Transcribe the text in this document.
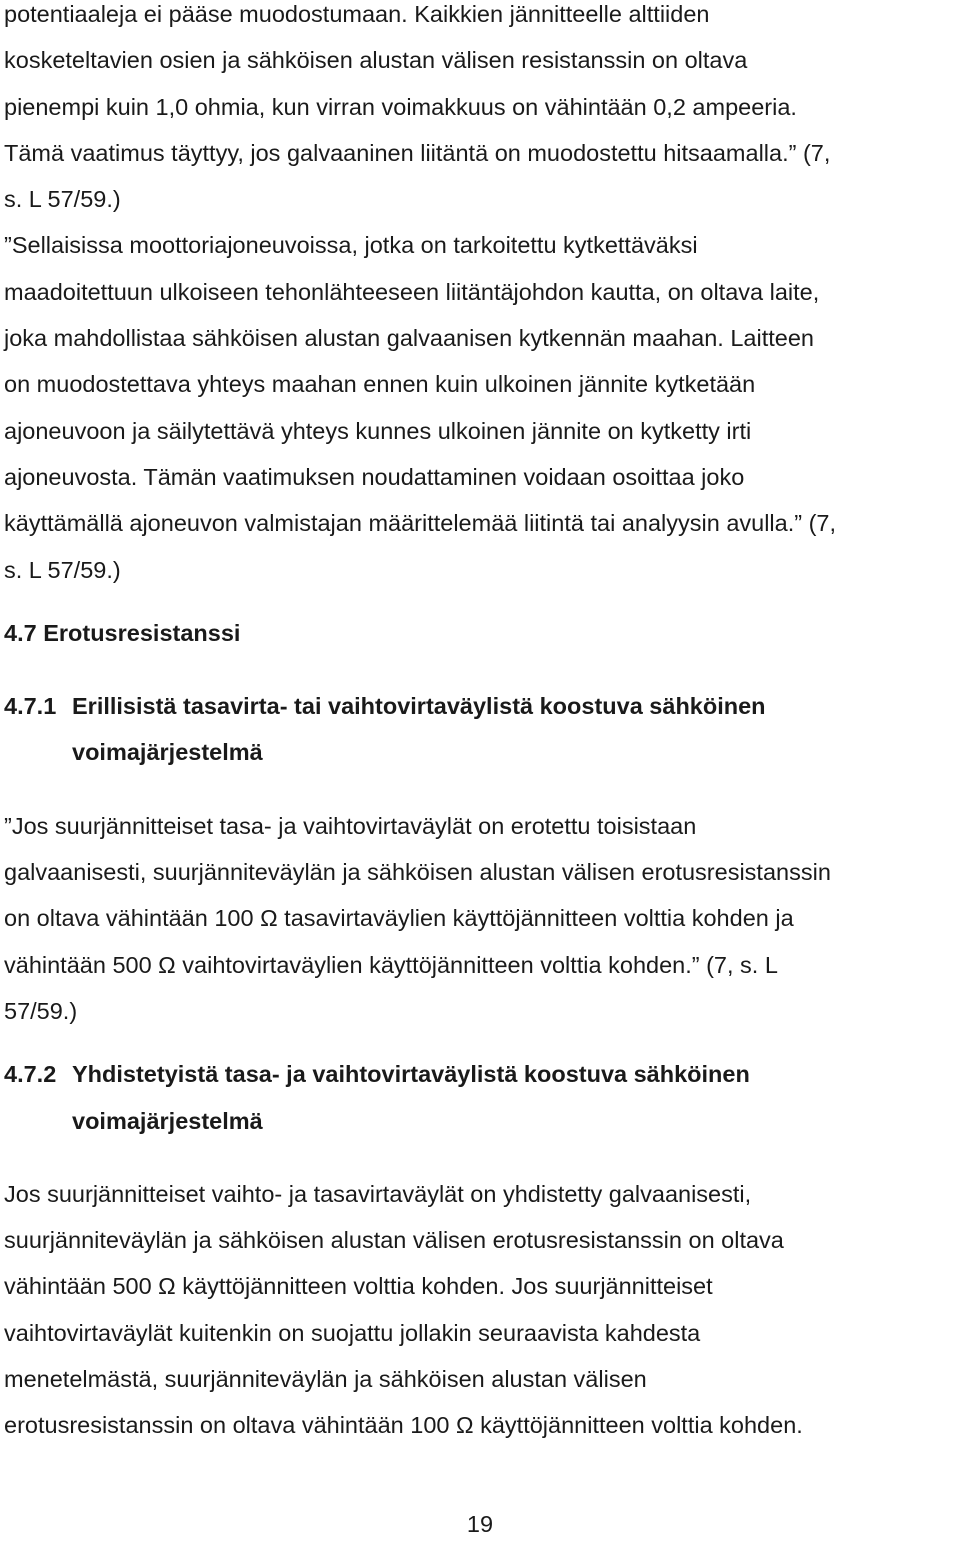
potentiaaleja ei pääse muodostumaan. Kaikkien jännitteelle alttiiden

kosketeltavien osien ja sähköisen alustan välisen resistanssin on oltava

pienempi kuin 1,0 ohmia, kun virran voimakkuus on vähintään 0,2 ampeeria.

Tämä vaatimus täyttyy, jos galvaaninen liitäntä on muodostettu hitsaamalla.” (7,

s. L 57/59.)

”Sellaisissa moottoriajoneuvoissa, jotka on tarkoitettu kytkettäväksi

maadoitettuun ulkoiseen tehonlähteeseen liitäntäjohdon kautta, on oltava laite,

joka mahdollistaa sähköisen alustan galvaanisen kytkennän maahan. Laitteen

on muodostettava yhteys maahan ennen kuin ulkoinen jännite kytketään

ajoneuvoon ja säilytettävä yhteys kunnes ulkoinen jännite on kytketty irti

ajoneuvosta. Tämän vaatimuksen noudattaminen voidaan osoittaa joko

käyttämällä ajoneuvon valmistajan määrittelemää liitintä tai analyysin avulla.” (7,

s. L 57/59.)

4.7 Erotusresistanssi

4.7.1 Erillisistä tasavirta- tai vaihtovirtaväylistä koostuva sähköinen

voimajärjestelmä

”Jos suurjännitteiset tasa- ja vaihtovirtaväylät on erotettu toisistaan

galvaanisesti, suurjänniteväylän ja sähköisen alustan välisen erotusresistanssin

on oltava vähintään 100 Ω tasavirtaväylien käyttöjännitteen volttia kohden ja

vähintään 500 Ω vaihtovirtaväylien käyttöjännitteen volttia kohden.” (7, s. L

57/59.)

4.7.2 Yhdistetyistä tasa- ja vaihtovirtaväylistä koostuva sähköinen

voimajärjestelmä

Jos suurjännitteiset vaihto- ja tasavirtaväylät on yhdistetty galvaanisesti,

suurjänniteväylän ja sähköisen alustan välisen erotusresistanssin on oltava

vähintään 500 Ω käyttöjännitteen volttia kohden. Jos suurjännitteiset

vaihtovirtaväylät kuitenkin on suojattu jollakin seuraavista kahdesta

menetelmästä, suurjänniteväylän ja sähköisen alustan välisen

erotusresistanssin on oltava vähintään 100 Ω käyttöjännitteen volttia kohden.

19
